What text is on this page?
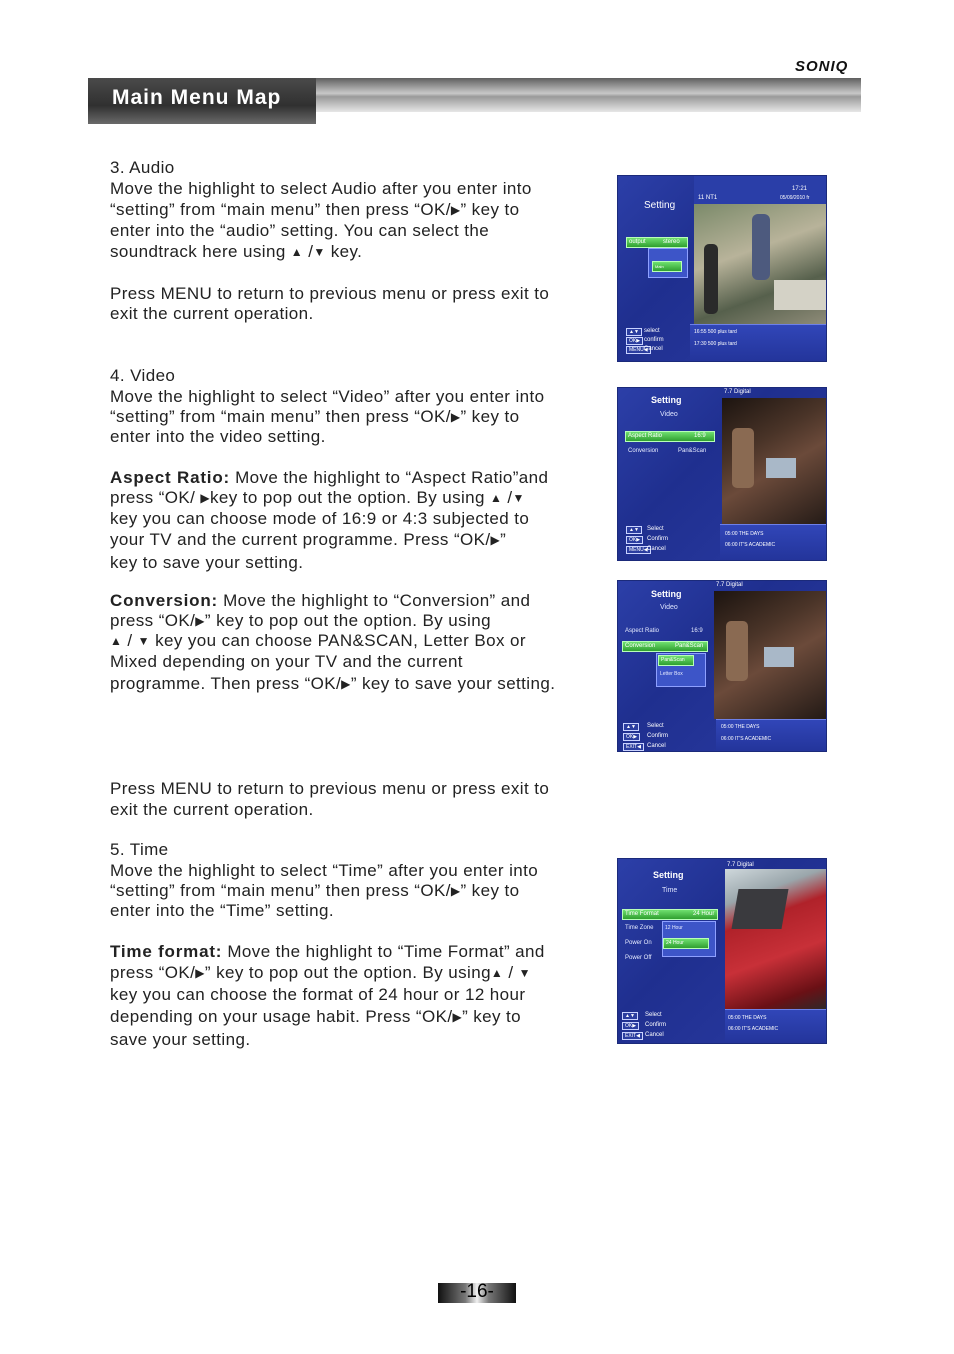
SONIQ
Main Menu Map
3. Audio
Move the highlight to select Audio after you enter into
“setting” from “main menu” then press “OK/▶” key to
enter into the “audio” setting. You can select the
soundtrack here using ▲ /▼ key.
Press MENU to return to previous menu or press exit to
exit the current operation.
Setting
11 NT1
17:21
05/09/2010 fr
output	stereo
Main
16:55 500 plus tard
17:30 500 plus tard
▲▼
OK▶
MENU◀
select
confirm
Cancel
4. Video
Move the highlight to select “Video” after you enter into
“setting” from “main menu” then press “OK/▶” key to
enter into the video setting.
Aspect Ratio: Move the highlight to “Aspect Ratio”and
press “OK/ ▶key to pop out the option. By using ▲ /▼
key you can choose mode of 16:9 or 4:3 subjected to
your TV and the current programme. Press “OK/▶”
key to save your setting.
Conversion: Move the highlight to “Conversion” and
press “OK/▶” key to pop out the option. By using
▲ / ▼ key you can choose PAN&SCAN, Letter Box or
Mixed depending on your TV and the current
programme. Then press “OK/▶” key to save your setting.
Setting
Video
7.7 Digital
Aspect Ratio	16:9
Conversion	Pan&Scan
05:00 THE DAYS
06:00 IT'S ACADEMIC
▲▼
OK▶
MENU◀
Select
Confirm
Cancel
Setting
Video
7.7 Digital
Aspect Ratio	16:9
Conversion	Pan&Scan
Pan&Scan
Letter Box
05:00 THE DAYS
06:00 IT'S ACADEMIC
▲▼
OK▶
EXIT◀
Select
Confirm
Cancel
Press MENU to return to previous menu or press exit to
exit the current operation.
5. Time
Move the highlight to select “Time” after you enter into
“setting” from “main menu” then press “OK/▶” key to
enter into the “Time” setting.
Time format: Move the highlight to “Time Format” and
press “OK/▶” key to pop out the option. By using▲ / ▼
key you can choose the format of 24 hour or 12 hour
depending on your usage habit. Press “OK/▶” key to
save your setting.
Setting
Time
7.7 Digital
Time Format	24 Hour
Time Zone
Power On
Power Off
12 Hour
24 Hour
05:00 THE DAYS
06:00 IT'S ACADEMIC
▲▼
OK▶
EXIT◀
Select
Confirm
Cancel
-16-
